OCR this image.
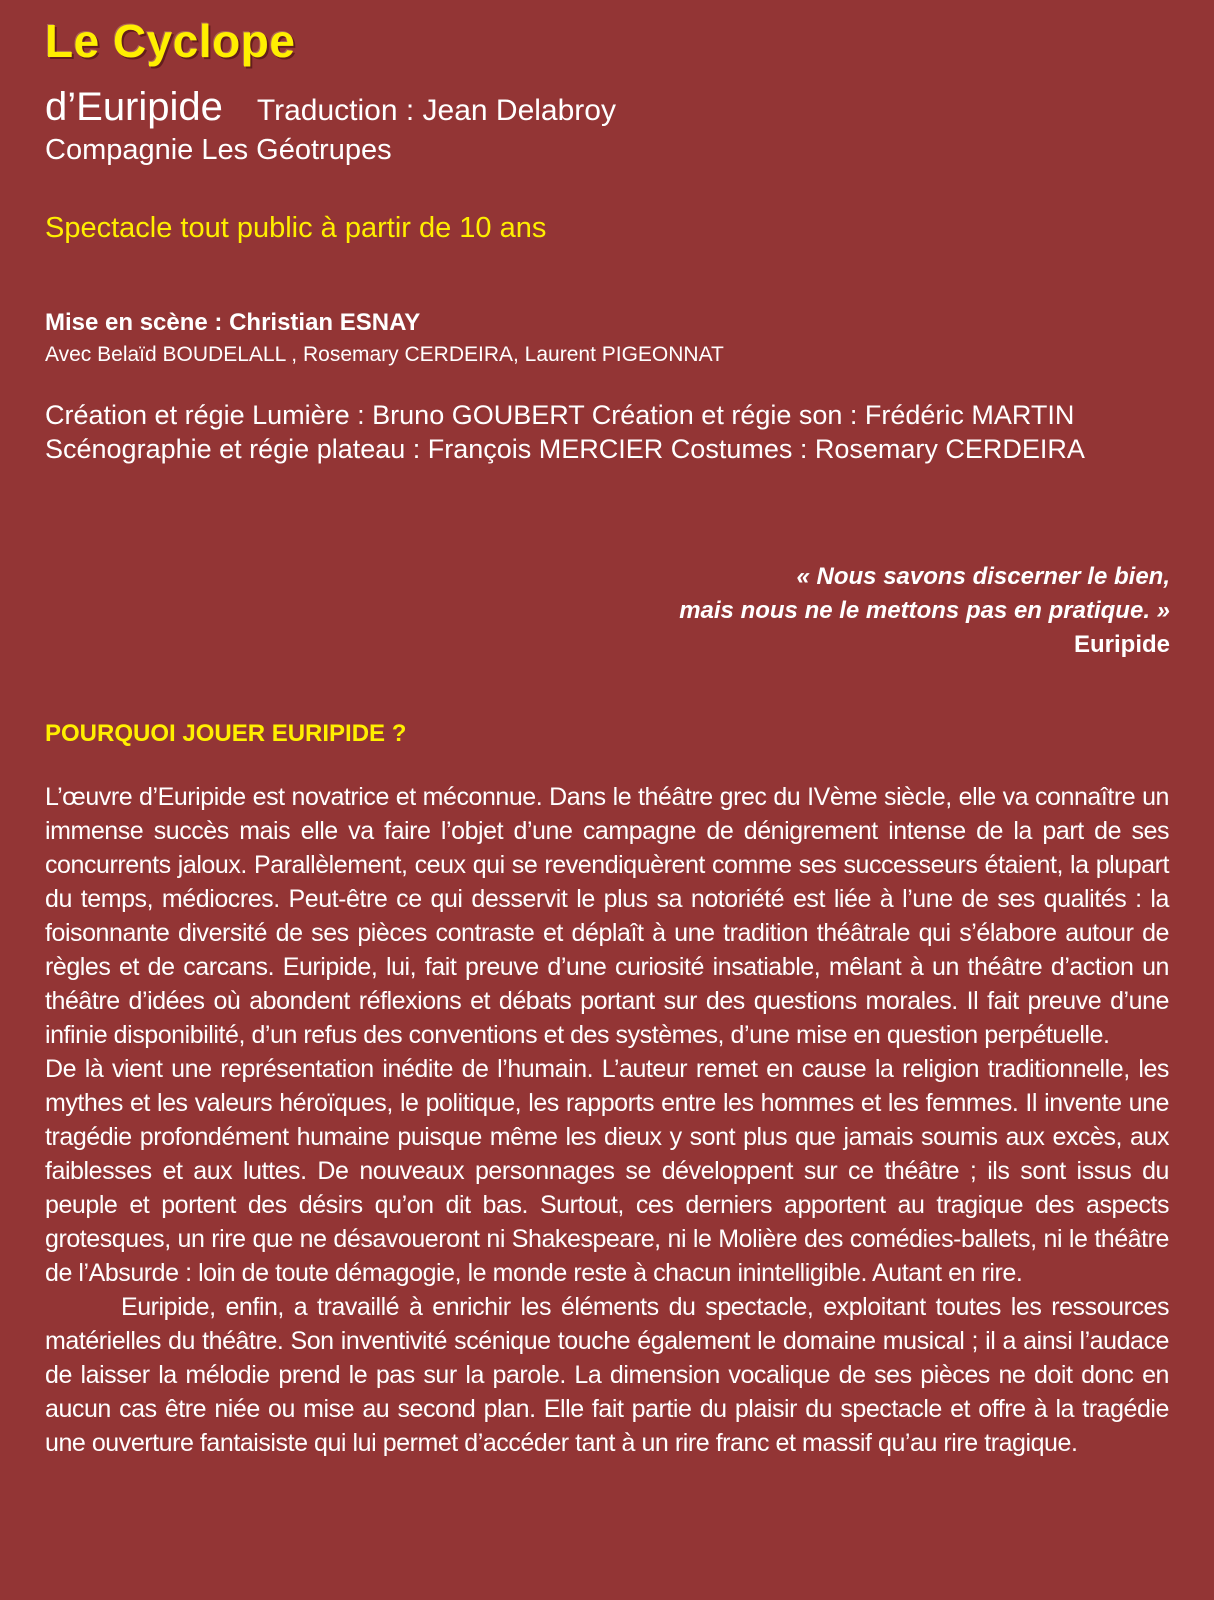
Le Cyclope
d’Euripide Traduction : Jean Delabroy
Compagnie Les Géotrupes
Spectacle tout public à partir de 10 ans
Mise en scène : Christian ESNAY
Avec Belaïd BOUDELALL , Rosemary CERDEIRA, Laurent PIGEONNAT
Création et régie Lumière : Bruno GOUBERT Création et régie son : Frédéric MARTIN
Scénographie et régie plateau : François MERCIER Costumes : Rosemary CERDEIRA
« Nous savons discerner le bien,
mais nous ne le mettons pas en pratique. »
Euripide
POURQUOI JOUER EURIPIDE ?

L’œuvre d’Euripide est novatrice et méconnue. Dans le théâtre grec du IVème siècle, elle va connaître un immense succès mais elle va faire l’objet d’une campagne de dénigrement intense de la part de ses concurrents jaloux. Parallèlement, ceux qui se revendiquèrent comme ses successeurs étaient, la plupart du temps, médiocres. Peut-être ce qui desservit le plus sa notoriété est liée à l’une de ses qualités : la foisonnante diversité de ses pièces contraste et déplaît à une tradition théâtrale qui s’élabore autour de règles et de carcans. Euripide, lui, fait preuve d’une curiosité insatiable, mêlant à un théâtre d’action un théâtre d’idées où abondent réflexions et débats portant sur des questions morales. Il fait preuve d’une infinie disponibilité, d’un refus des conventions et des systèmes, d’une mise en question perpétuelle.

De là vient une représentation inédite de l’humain. L’auteur remet en cause la religion traditionnelle, les mythes et les valeurs héroïques, le politique, les rapports entre les hommes et les femmes. Il invente une tragédie profondément humaine puisque même les dieux y sont plus que jamais soumis aux excès, aux faiblesses et aux luttes. De nouveaux personnages se développent sur ce théâtre ; ils sont issus du peuple et portent des désirs qu’on dit bas. Surtout, ces derniers apportent au tragique des aspects grotesques, un rire que ne désavoueront ni Shakespeare, ni le Molière des comédies-ballets, ni le théâtre de l’Absurde : loin de toute démagogie, le monde reste à chacun inintelligible. Autant en rire.

Euripide, enfin, a travaillé à enrichir les éléments du spectacle, exploitant toutes les ressources matérielles du théâtre. Son inventivité scénique touche également le domaine musical ; il a ainsi l’audace de laisser la mélodie prend le pas sur la parole. La dimension vocalique de ses pièces ne doit donc en aucun cas être niée ou mise au second plan. Elle fait partie du plaisir du spectacle et offre à la tragédie une ouverture fantaisiste qui lui permet d’accéder tant à un rire franc et massif qu’au rire tragique.
